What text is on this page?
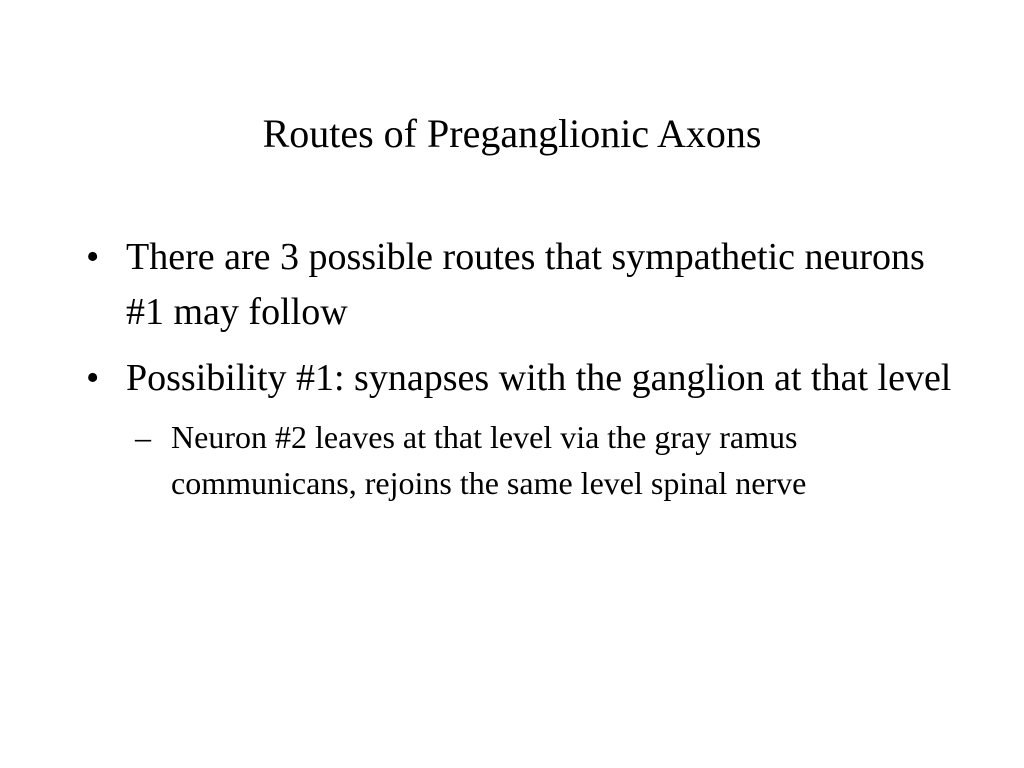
Routes of Preganglionic Axons
• There are 3 possible routes that sympathetic neurons #1 may follow
• Possibility #1: synapses with the ganglion at that level
– Neuron #2 leaves at that level via the gray ramus communicans, rejoins the same level spinal nerve
